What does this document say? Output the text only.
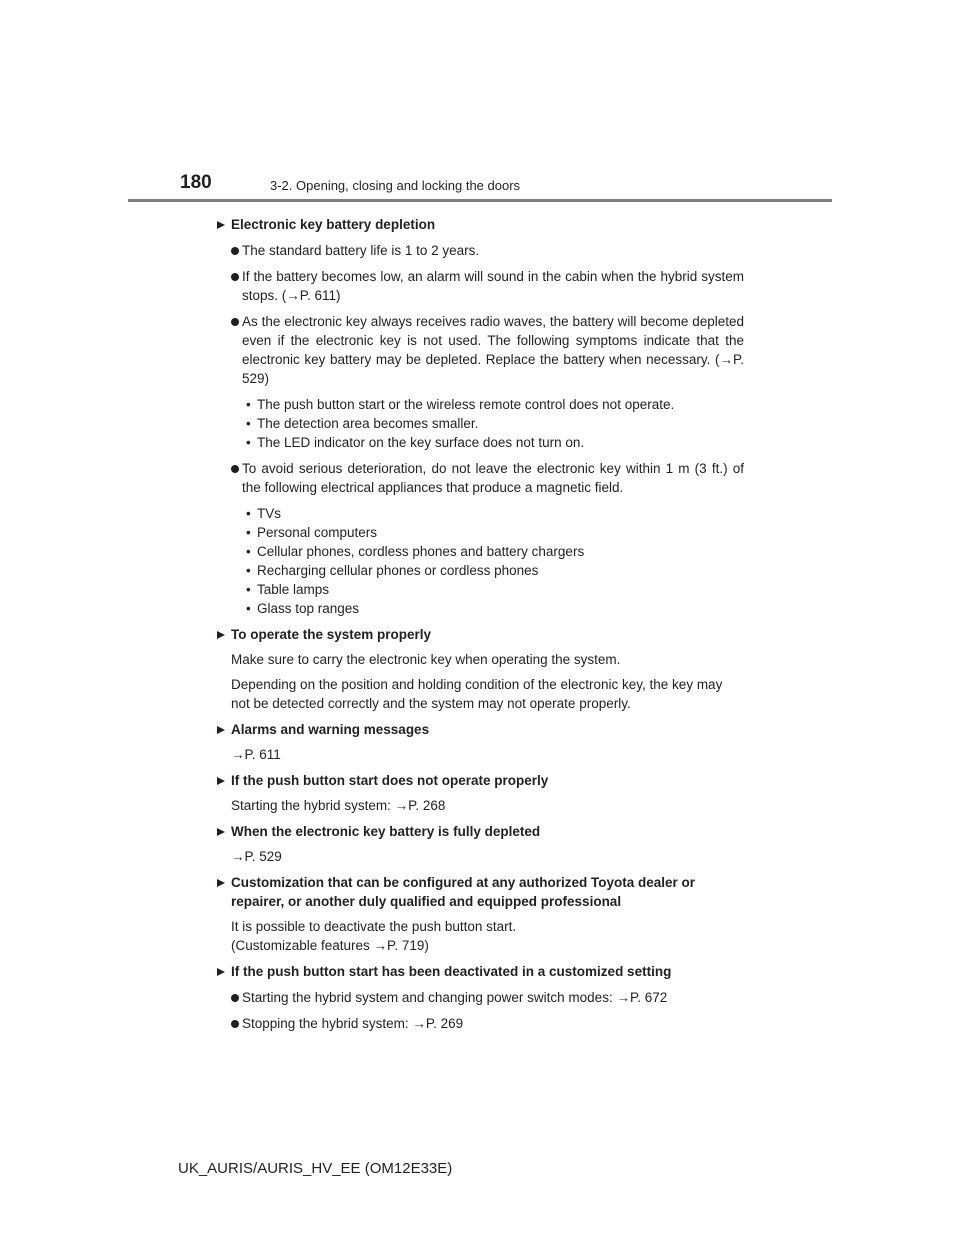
180	3-2. Opening, closing and locking the doors
Electronic key battery depletion
The standard battery life is 1 to 2 years.
If the battery becomes low, an alarm will sound in the cabin when the hybrid system stops. (→P. 611)
As the electronic key always receives radio waves, the battery will become depleted even if the electronic key is not used. The following symptoms indicate that the electronic key battery may be depleted. Replace the battery when necessary. (→P. 529)
• The push button start or the wireless remote control does not operate.
• The detection area becomes smaller.
• The LED indicator on the key surface does not turn on.
To avoid serious deterioration, do not leave the electronic key within 1 m (3 ft.) of the following electrical appliances that produce a magnetic field.
• TVs
• Personal computers
• Cellular phones, cordless phones and battery chargers
• Recharging cellular phones or cordless phones
• Table lamps
• Glass top ranges
To operate the system properly
Make sure to carry the electronic key when operating the system.
Depending on the position and holding condition of the electronic key, the key may not be detected correctly and the system may not operate properly.
Alarms and warning messages
→P. 611
If the push button start does not operate properly
Starting the hybrid system: →P. 268
When the electronic key battery is fully depleted
→P. 529
Customization that can be configured at any authorized Toyota dealer or repairer, or another duly qualified and equipped professional
It is possible to deactivate the push button start.
(Customizable features →P. 719)
If the push button start has been deactivated in a customized setting
Starting the hybrid system and changing power switch modes: →P. 672
Stopping the hybrid system: →P. 269
UK_AURIS/AURIS_HV_EE (OM12E33E)
